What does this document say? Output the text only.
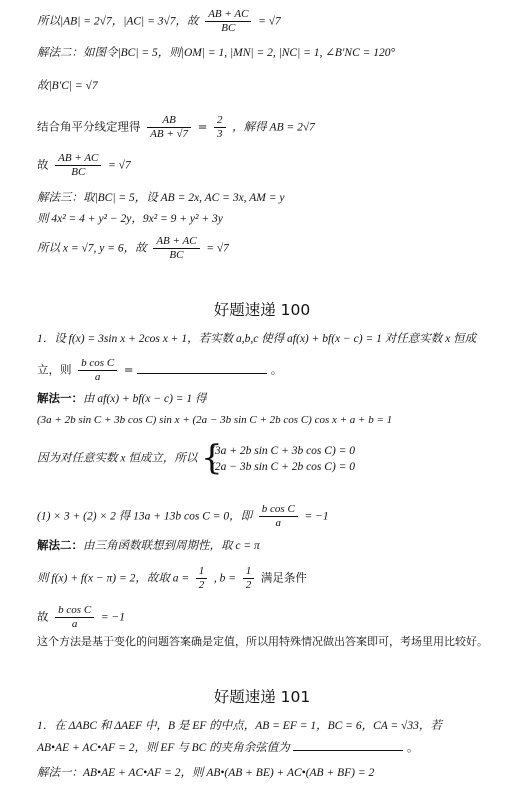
所以|AB| = 2√7，|AC| = 3√7，故 $\frac{AB + AC}{BC} = √7$
解法二：如图令|BC| = 5，则|OM| = 1, |MN| = 2, |NC| = 1, ∠B′NC = 120°
故|B′C| = √7
结合角平分线定理得 $\frac{AB}{AB + √7} = \frac{2}{3}$ ，解得 AB = 2√7
故 $\frac{AB + AC}{BC} = √7$
解法三：取|BC| = 5，设 AB = 2x, AC = 3x, AM = y
则 4x² = 4 + y² − 2y，9x² = 9 + y² + 3y
所以 x = √7, y = 6，故 $\frac{AB + AC}{BC} = √7$
好题速递 100
1．设 f(x) = 3sin x + 2cos x + 1，若实数 a,b,c 使得 af(x) + bf(x − c) = 1 对任意实数 x 恒成
立，则 $\frac{\text{b cos C}}{a}$ =	。
解法一：由 af(x) + bf(x − c) = 1 得
(3a + 2b sin C + 3b cos C) sin x + (2a − 3b sin C + 2b cos C) cos x + a + b = 1
因为对任意实数 x 恒成立，所以 {
(3a + 2b sin C + 3b cos C) = 0
(2a − 3b sin C + 2b cos C) = 0
(1) × 3 + (2) × 2 得 13a + 13b cos C = 0，即 $\frac{\text{b cos C}}{a} = -1$
解法二：由三角函数联想到周期性，取 c = π
则 f(x) + f(x − π) = 2，故取 $a = \frac{1}{2}$ , $b = \frac{1}{2}$ 满足条件
故 $\frac{\text{b cos C}}{a} = -1$
这个方法是基于变化的问题答案确是定值，所以用特殊情况做出答案即可，考场里用比较好。
好题速递 101
1．在 ΔABC 和 ΔAEF 中，B 是 EF 的中点，AB = EF = 1，BC = 6，CA = √33，若
AB•AE + AC•AF = 2，则 EF 与 BC 的夹角余弦值为	。
解法一：AB•AE + AC•AF = 2，则 AB•(AB + BE) + AC•(AB + BF) = 2
